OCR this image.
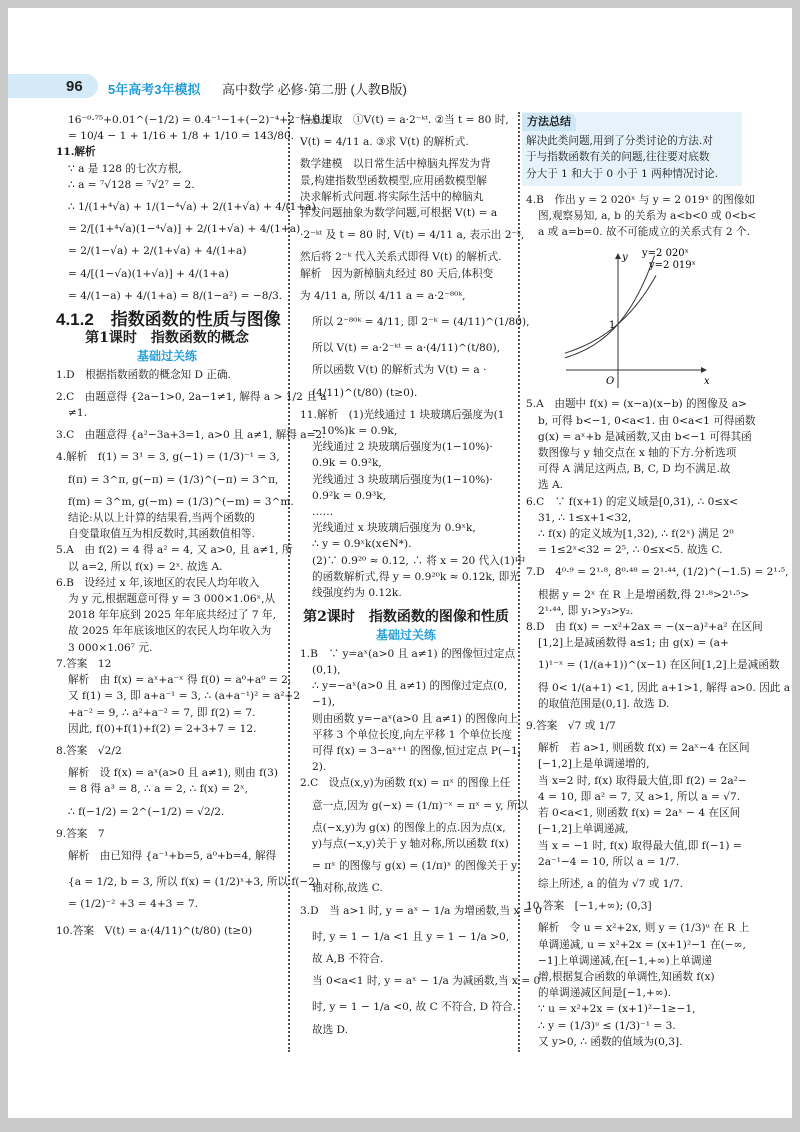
96 5年高考3年模拟 高中数学 必修·第二册 (人教B版)
16⁻⁰·⁷⁵+0.01^(−1/2) = 0.4⁻¹−1+(−2)⁻⁴+2⁻³+0.1
= 10/4 − 1 + 1/16 + 1/8 + 1/10 = 143/80.
11.解析
∵ a 是 128 的七次方根,
∴ a = ⁷√128 = ⁷√2⁷ = 2.
∴ 1/(1+⁴√a) + 1/(1−⁴√a) + 2/(1+√a) + 4/(1+a)
= 2/[(1+⁴√a)(1−⁴√a)] + 2/(1+√a) + 4/(1+a)
= 2/(1−√a) + 2/(1+√a) + 4/(1+a)
= 4/[(1−√a)(1+√a)] + 4/(1+a)
= 4/(1−a) + 4/(1+a) = 8/(1−a²) = −8/3.
4.1.2　指数函数的性质与图像
第1课时　指数函数的概念
基础过关练
1.D　根据指数函数的概念知 D 正确.
2.C　由题意得 {2a−1>0, 2a−1≠1, 解得 a > 1/2 且 a
≠1.
3.C　由题意得 {a²−3a+3=1, a>0 且 a≠1, 解得 a=2.
4.解析　f(1) = 3¹ = 3, g(−1) = (1/3)⁻¹ = 3,
f(π) = 3^π, g(−π) = (1/3)^(−π) = 3^π,
f(m) = 3^m, g(−m) = (1/3)^(−m) = 3^m.
结论:从以上计算的结果看,当两个函数的
自变量取值互为相反数时,其函数值相等.
5.A　由 f(2) = 4 得 a² = 4, 又 a>0, 且 a≠1, 所
以 a=2, 所以 f(x) = 2ˣ. 故选 A.
6.B　设经过 x 年,该地区的农民人均年收入
为 y 元,根据题意可得 y = 3 000×1.06ˣ,从
2018 年年底到 2025 年年底共经过了 7 年,
故 2025 年年底该地区的农民人均年收入为
3 000×1.06⁷ 元.
7.答案　12
解析　由 f(x) = aˣ+a⁻ˣ 得 f(0) = a⁰+a⁰ = 2.
又 f(1) = 3, 即 a+a⁻¹ = 3, ∴ (a+a⁻¹)² = a²+2
+a⁻² = 9, ∴ a²+a⁻² = 7, 即 f(2) = 7.
因此, f(0)+f(1)+f(2) = 2+3+7 = 12.
8.答案　√2/2
解析　设 f(x) = aˣ(a>0 且 a≠1), 则由 f(3)
= 8 得 a³ = 8, ∴ a = 2, ∴ f(x) = 2ˣ,
∴ f(−1/2) = 2^(−1/2) = √2/2.
9.答案　7
解析　由已知得 {a⁻¹+b=5, a⁰+b=4, 解得
{a = 1/2, b = 3, 所以 f(x) = (1/2)ˣ+3, 所以 f(−2)
= (1/2)⁻² +3 = 4+3 = 7.
10.答案　V(t) = a·(4/11)^(t/80) (t≥0)
信息提取　①V(t) = a·2⁻ᵏᵗ. ②当 t = 80 时,
V(t) = 4/11 a. ③求 V(t) 的解析式.
数学建模　以日常生活中樟脑丸挥发为背
景,构建指数型函数模型,应用函数模型解
决求解析式问题.将实际生活中的樟脑丸
挥发问题抽象为数学问题,可根据 V(t) = a
·2⁻ᵏᵗ 及 t = 80 时, V(t) = 4/11 a, 表示出 2⁻ᵏ,
然后将 2⁻ᵏ 代入关系式即得 V(t) 的解析式.
解析　因为新樟脑丸经过 80 天后,体积变
为 4/11 a, 所以 4/11 a = a·2⁻⁸⁰ᵏ,
所以 2⁻⁸⁰ᵏ = 4/11, 即 2⁻ᵏ = (4/11)^(1/80),
所以 V(t) = a·2⁻ᵏᵗ = a·(4/11)^(t/80),
所以函数 V(t) 的解析式为 V(t) = a ·
(4/11)^(t/80) (t≥0).
11.解析　(1)光线通过 1 块玻璃后强度为(1
−10%)k = 0.9k,
光线通过 2 块玻璃后强度为(1−10%)·
0.9k = 0.9²k,
光线通过 3 块玻璃后强度为(1−10%)·
0.9²k = 0.9³k,
……
光线通过 x 块玻璃后强度为 0.9ˣk,
∴ y = 0.9ˣk(x∈N*).
(2)∵ 0.9²⁰ ≈ 0.12, ∴ 将 x = 20 代入(1)中
的函数解析式,得 y = 0.9²⁰k ≈ 0.12k, 即光
线强度约为 0.12k.
第2课时　指数函数的图像和性质
基础过关练
1.B　∵ y=aˣ(a>0 且 a≠1) 的图像恒过定点
(0,1),
∴ y=−aˣ(a>0 且 a≠1) 的图像过定点(0,
−1),
则由函数 y=−aˣ(a>0 且 a≠1) 的图像向上
平移 3 个单位长度,向左平移 1 个单位长度
可得 f(x) = 3−aˣ⁺¹ 的图像,恒过定点 P(−1,
2).
2.C　设点(x,y)为函数 f(x) = πˣ 的图像上任
意一点,因为 g(−x) = (1/π)⁻ˣ = πˣ = y, 所以
点(−x,y)为 g(x) 的图像上的点.因为点(x,
y)与点(−x,y)关于 y 轴对称,所以函数 f(x)
= πˣ 的图像与 g(x) = (1/π)ˣ 的图像关于 y
轴对称,故选 C.
3.D　当 a>1 时, y = aˣ − 1/a 为增函数,当 x = 0
时, y = 1 − 1/a <1 且 y = 1 − 1/a >0,
故 A,B 不符合.
当 0<a<1 时, y = aˣ − 1/a 为减函数,当 x = 0
时, y = 1 − 1/a <0, 故 C 不符合, D 符合.
故选 D.
方法总结
解决此类问题,用到了分类讨论的方法.对
于与指数函数有关的问题,往往要对底数
分大于 1 和大于 0 小于 1 两种情况讨论.
4.B　作出 y = 2 020ˣ 与 y = 2 019ˣ 的图像如
图,观察易知, a, b 的关系为 a<b<0 或 0<b<
a 或 a=b=0. 故不可能成立的关系式有 2 个.
y=2 020ˣ
y=2 019ˣ
y
x
O
1
5.A　由题中 f(x) = (x−a)(x−b) 的图像及 a>
b, 可得 b<−1, 0<a<1. 由 0<a<1 可得函数
g(x) = aˣ+b 是减函数,又由 b<−1 可得其函
数图像与 y 轴交点在 x 轴的下方.分析选项
可得 A 满足这两点, B, C, D 均不满足.故
选 A.
6.C　∵ f(x+1) 的定义域是[0,31), ∴ 0≤x<
31, ∴ 1≤x+1<32,
∴ f(x) 的定义域为[1,32), ∴ f(2ˣ) 满足 2⁰
= 1≤2ˣ<32 = 2⁵, ∴ 0≤x<5. 故选 C.
7.D　4⁰·⁹ = 2¹·⁸, 8⁰·⁴⁸ = 2¹·⁴⁴, (1/2)^(−1.5) = 2¹·⁵,
根据 y = 2ˣ 在 R 上是增函数,得 2¹·⁸>2¹·⁵>
2¹·⁴⁴, 即 y₁>y₃>y₂.
8.D　由 f(x) = −x²+2ax = −(x−a)²+a² 在区间
[1,2]上是减函数得 a≤1; 由 g(x) = (a+
1)¹⁻ˣ = (1/(a+1))^(x−1) 在区间[1,2]上是减函数
得 0< 1/(a+1) <1, 因此 a+1>1, 解得 a>0. 因此 a
的取值范围是(0,1]. 故选 D.
9.答案　√7 或 1/7
解析　若 a>1, 则函数 f(x) = 2aˣ−4 在区间
[−1,2]上是单调递增的,
当 x=2 时, f(x) 取得最大值,即 f(2) = 2a²−
4 = 10, 即 a² = 7, 又 a>1, 所以 a = √7.
若 0<a<1, 则函数 f(x) = 2aˣ − 4 在区间
[−1,2]上单调递减,
当 x = −1 时, f(x) 取得最大值,即 f(−1) =
2a⁻¹−4 = 10, 所以 a = 1/7.
综上所述, a 的值为 √7 或 1/7.
10.答案　[−1,+∞); (0,3]
解析　令 u = x²+2x, 则 y = (1/3)ᵘ 在 R 上
单调递减, u = x²+2x = (x+1)²−1 在(−∞,
−1]上单调递减,在[−1,+∞)上单调递
增,根据复合函数的单调性,知函数 f(x)
的单调递减区间是[−1,+∞).
∵ u = x²+2x = (x+1)²−1≥−1,
∴ y = (1/3)ᵘ ≤ (1/3)⁻¹ = 3.
又 y>0, ∴ 函数的值域为(0,3].
